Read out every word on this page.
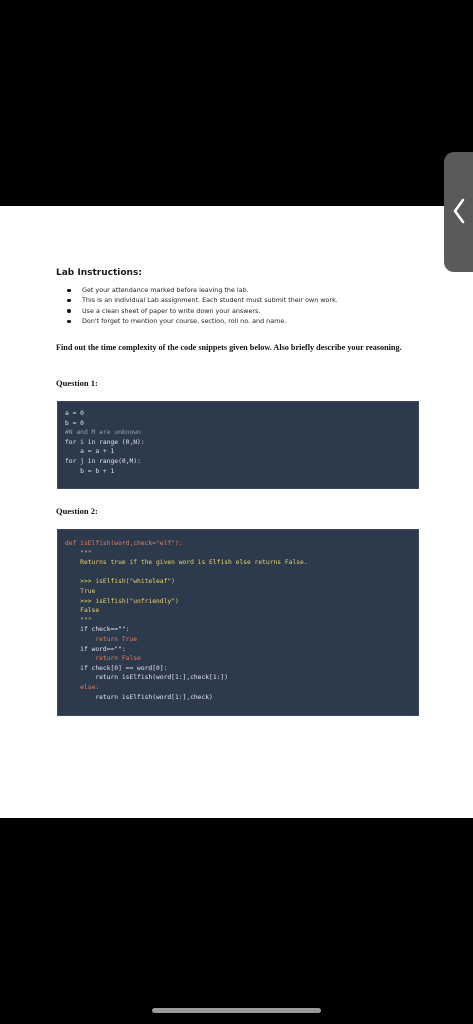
Lab Instructions:
Get your attendance marked before leaving the lab.
This is an individual Lab assignment. Each student must submit their own work.
Use a clean sheet of paper to write down your answers.
Don't forget to mention your course, section, roll no. and name.
Find out the time complexity of the code snippets given below. Also briefly describe your reasoning.
Question 1:
a = 0
b = 0
#N and M are unknown
for i in range (0,N):
a = a + 1
for j in range(0,M):
b = b + 1
Question 2:
def isElfish(word,check="elf"):
"""
Returns true if the given word is Elfish else returns False.

>>> isElfish("whiteleaf")
True
>>> isElfish("unfriendly")
False
"""
if check=="":
return True
if word=="":
return False
if check[0] == word[0]:
return isElfish(word[1:],check[1:])
else:
return isElfish(word[1:],check)
